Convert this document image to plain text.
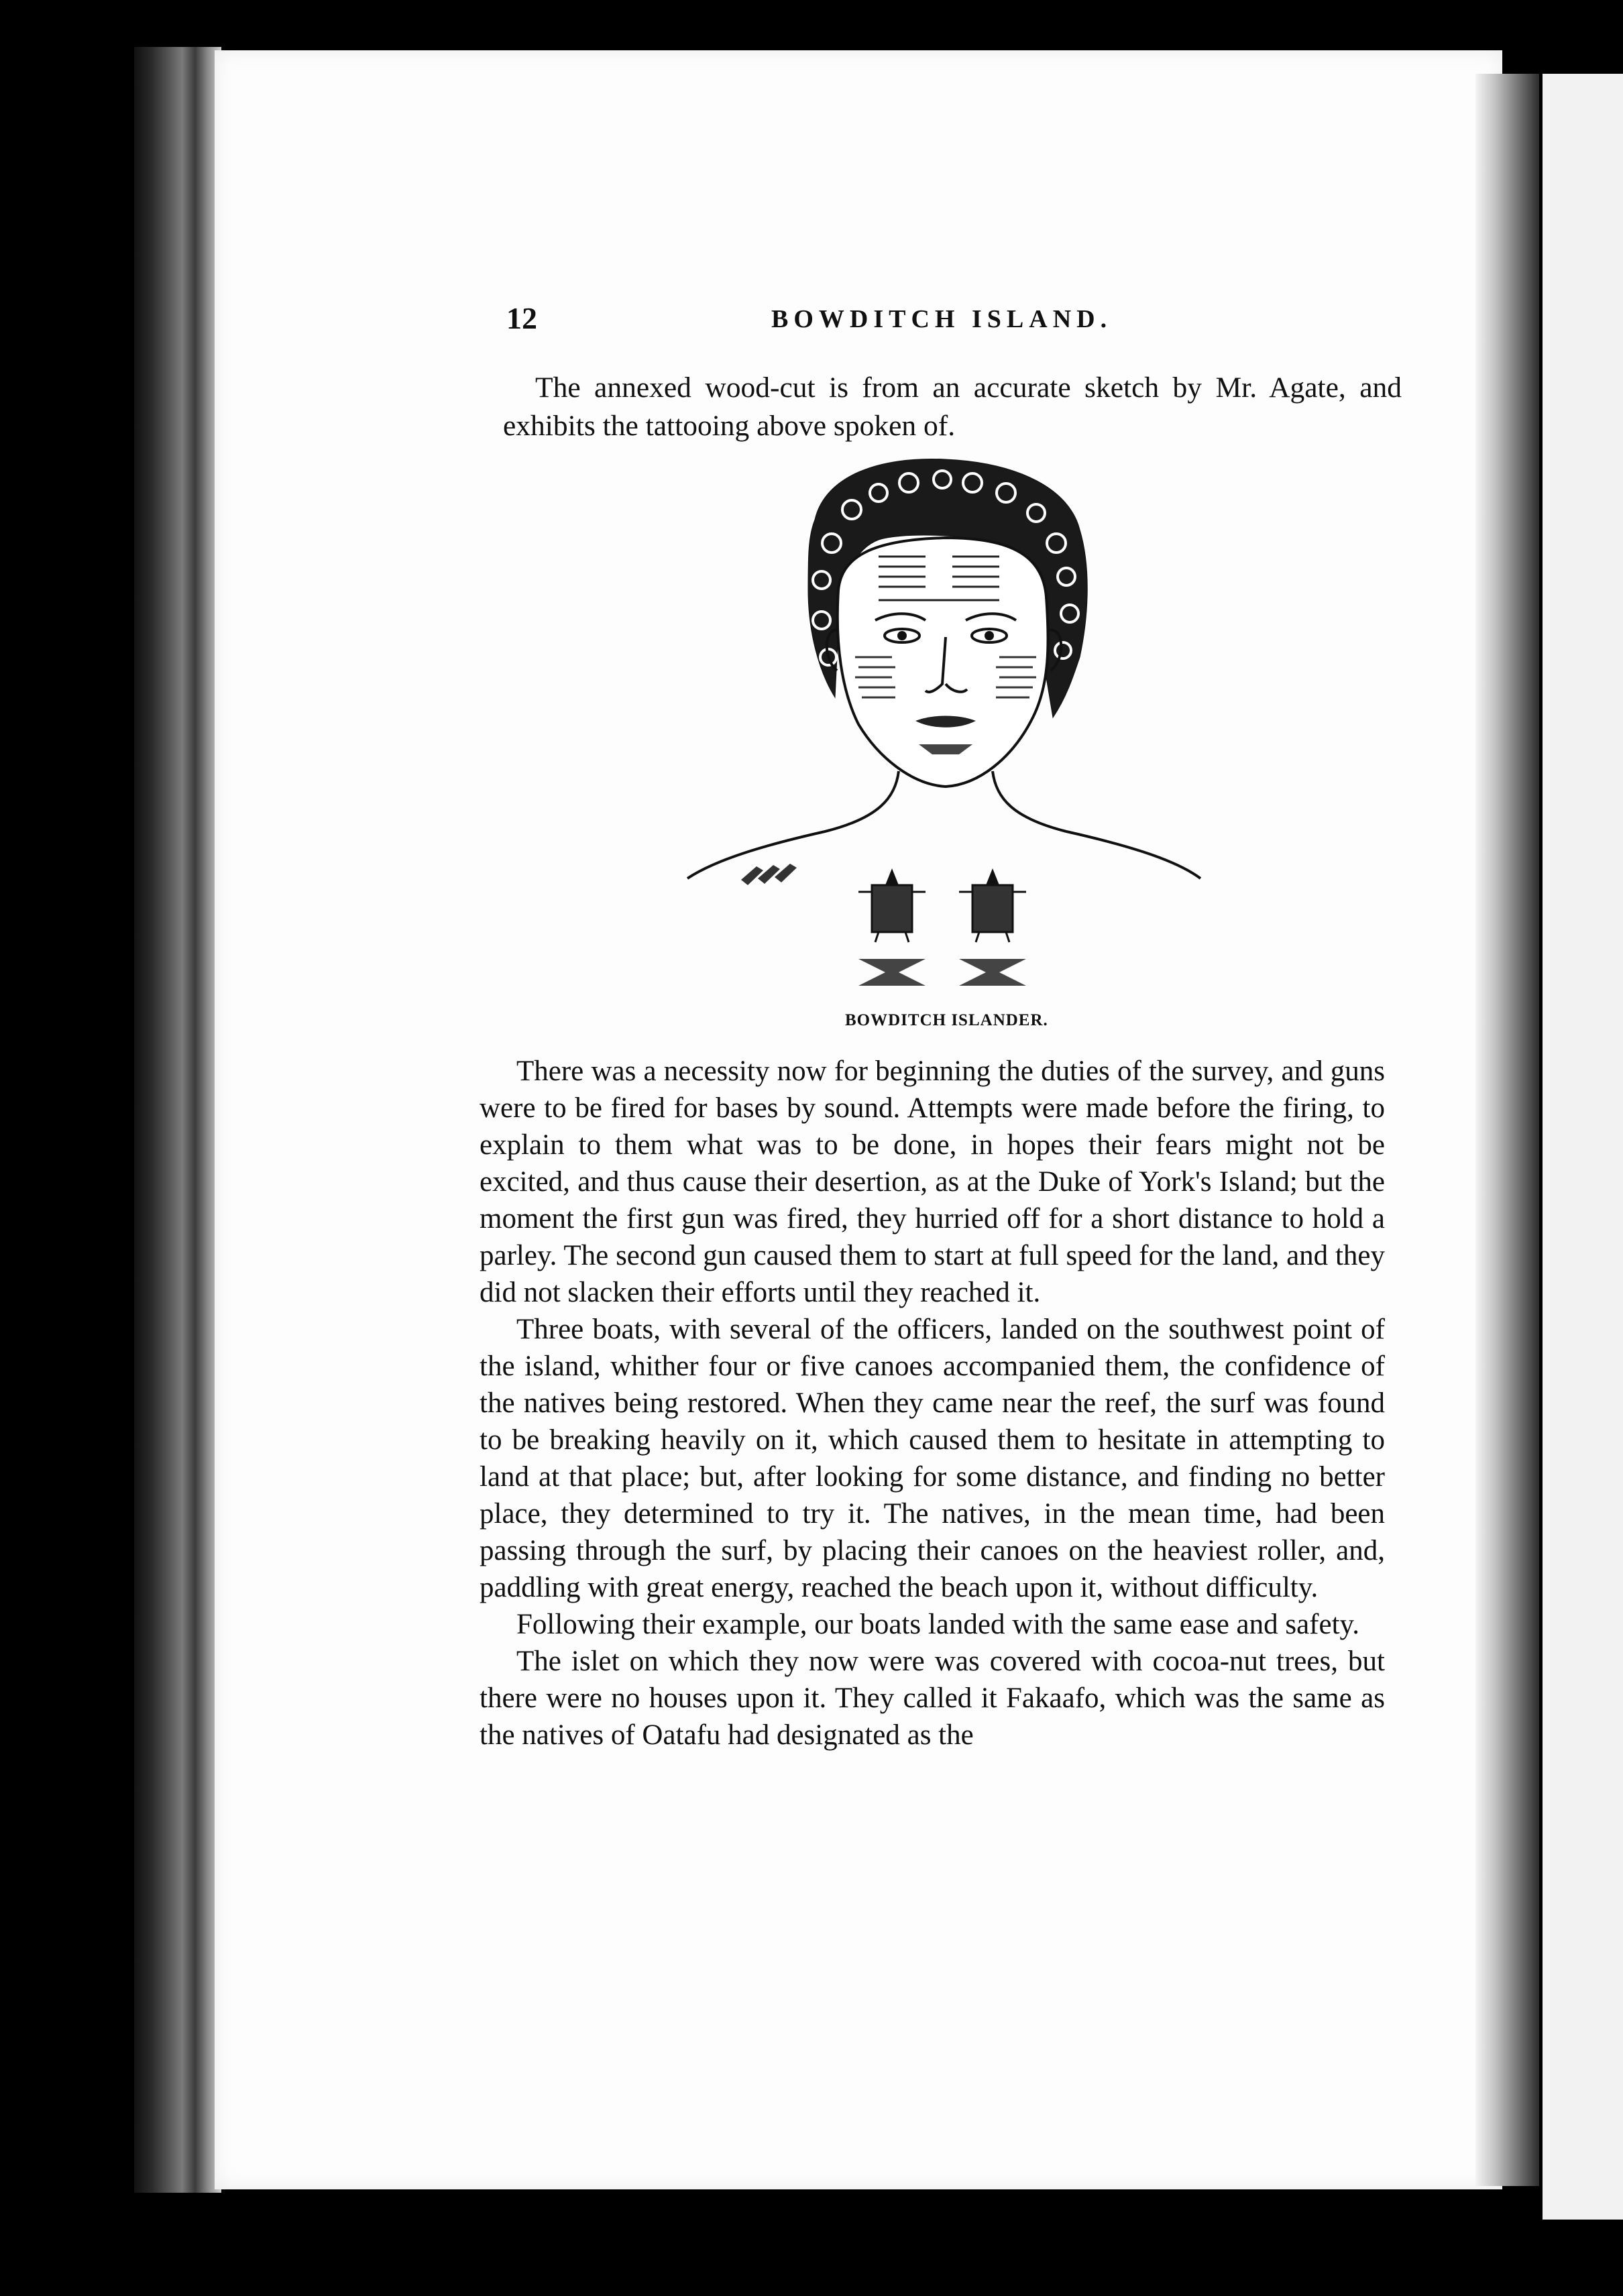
12	BOWDITCH ISLAND.
The annexed wood-cut is from an accurate sketch by Mr. Agate, and exhibits the tattooing above spoken of.
BOWDITCH ISLANDER.

There was a necessity now for beginning the duties of the survey, and guns were to be fired for bases by sound. Attempts were made before the firing, to explain to them what was to be done, in hopes their fears might not be excited, and thus cause their desertion, as at the Duke of York's Island; but the moment the first gun was fired, they hurried off for a short distance to hold a parley. The second gun caused them to start at full speed for the land, and they did not slacken their efforts until they reached it.

Three boats, with several of the officers, landed on the southwest point of the island, whither four or five canoes accompanied them, the confidence of the natives being restored. When they came near the reef, the surf was found to be breaking heavily on it, which caused them to hesitate in attempting to land at that place; but, after looking for some distance, and finding no better place, they determined to try it. The natives, in the mean time, had been passing through the surf, by placing their canoes on the heaviest roller, and, paddling with great energy, reached the beach upon it, without difficulty.

Following their example, our boats landed with the same ease and safety.

The islet on which they now were was covered with cocoa-nut trees, but there were no houses upon it. They called it Fakaafo, which was the same as the natives of Oatafu had designated as the
